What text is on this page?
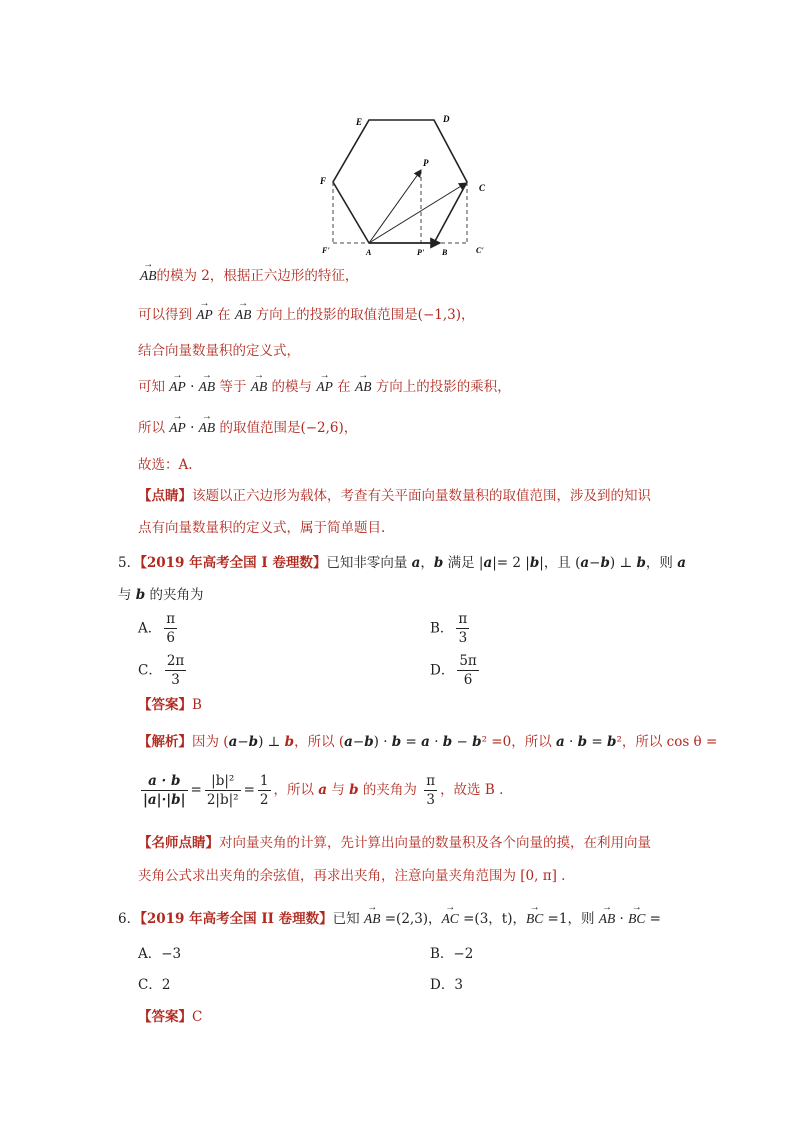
E	D
F
C
P
F'	A	P' B	C'
→ AB的模为 2，根据正六边形的特征，
可以得到 → AP 在 → AB 方向上的投影的取值范围是(−1,3)，
结合向量数量积的定义式，
可知 → AP · → AB 等于 → AB 的模与 → AP 在 → AB 方向上的投影的乘积，
所以 → AP · → AB 的取值范围是(−2,6)，
故选：A.
【点睛】该题以正六边形为载体，考查有关平面向量数量积的取值范围，涉及到的知识
点有向量数量积的定义式，属于简单题目.
5．【2019 年高考全国 I 卷理数】已知非零向量 a，b 满足 |a|= 2 |b|，且 (a−b) ⊥ b，则 a
与 b 的夹角为
A． $\frac{\pi}{6}$	B． $\frac{\pi}{3}$
C． $\frac{2\pi}{3}$	D． $\frac{5\pi}{6}$
【答案】B
【解析】因为 (a−b) ⊥ b，所以 (a−b) · b = a · b − b² =0，所以 a · b = b²，所以 cos θ =
$\frac{a \cdot b}{|a|\cdot|b|} = \frac{\text{|b|²}}{\text{2|b|²}} = \frac{1}{2}$ ，所以 a 与 b 的夹角为 $\frac{\pi}{3}$ ，故选 B .
【名师点睛】对向量夹角的计算，先计算出向量的数量积及各个向量的摸，在利用向量
夹角公式求出夹角的余弦值，再求出夹角，注意向量夹角范围为 [0, π] .
6．【2019 年高考全国 II 卷理数】已知 → AB =(2,3)，→ AC =(3，t)，→ BC =1，则 → AB · → BC =
A．−3	B．−2
C．2	D．3
【答案】C
